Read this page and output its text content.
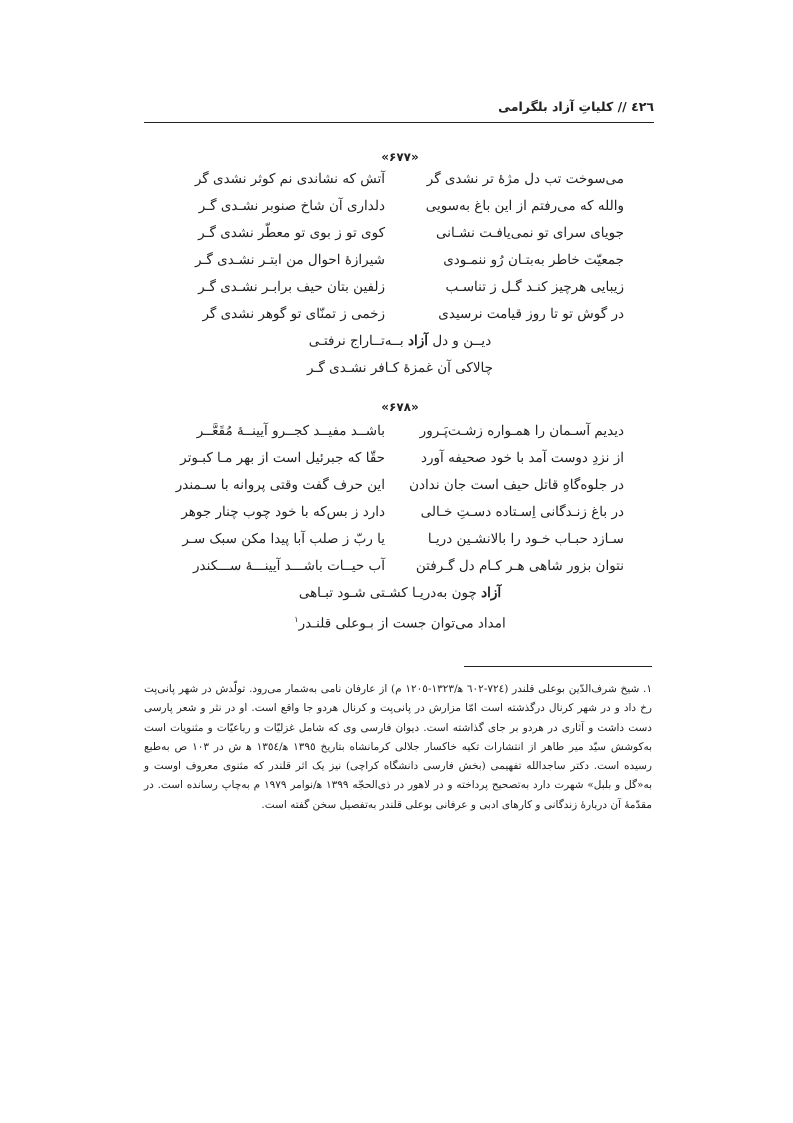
٤٢٦ // کلیاتِ آزاد بلگرامی
«۶۷۷»
می‌سوخت تب دل مژهٔ تر نشدی گر
آتش که نشاندی نم کوثر نشدی گر
والله که می‌رفتم از این باغ به‌سویی
دلداری آن شاخ صنوبر نشـدی گـر
جویای سرای تو نمی‌یافـت نشـانی
کوی تو ز بوی تو معطّر نشدی گـر
جمعیّت خاطر به‌بتـان رُو ننمـودی
شیرازهٔ احوال من ابتـر نشـدی گـر
زیبایی هرچیز کنـد گـل ز تناسـب
زلفین بتان حیف برابـر نشـدی گـر
در گوش تو تا روز قیامت نرسیدی
زخمی ز تمنّای تو گوهر نشدی گر
دیــن و دل آزاد بــه‌تــاراج نرفتـی
چالاکی آن غمزهٔ کـافر نشـدی گـر
«۶۷۸»
دیدیم آسـمان را همـواره زشـت‌پَـرور
باشــد مفیــد کجــرو آیینــهٔ مُقَعَّــر
از نزدِ دوست آمد با خود صحیفه آورد
حقّا که جبرئیل است از بهر مـا کبـوتر
در جلوه‌گاهِ قاتل حیف است جان ندادن
این حرف گفت وقتی پروانه با سـمندر
در باغ زنـدگانی اِسـتاده دسـتِ خـالی
دارد ز بس‌که با خود چوب چنار جوهر
سـازد حبـاب خـود را بالانشـین دریـا
یا ربّ ز صلب آبا پیدا مکن سبک سـر
نتوان بزور شاهی هـر کـام دل گـرفتن
آب حیــات باشـــد آیینـــهٔ ســـکندر
آزاد چون به‌دریـا کشـتی شـود تبـاهی
امداد می‌توان جست از بـوعلی قلنـدر$^١$
١. شیخ شرف‌الدّین بوعلی قلندر (٧٢٤-٦٠٢ ه‍/١٣٢٣-١٢٠٥ م) از عارفان نامی به‌شمار می‌رود. تولّدش در شهر پانی‌پت رخ داد و در شهر کرنال درگذشته است امّا مزارش در پانی‌پت و کرنال هردو جا واقع است. او در نثر و شعر پارسی دست داشت و آثاری در هردو بر جای گذاشته است. دیوان فارسی وی که شامل غزلیّات و رباعیّات و مثنویات است به‌کوشش سیّد میر طاهر از انتشارات تکیه خاکسار جلالی کرمانشاه بتاریخ ١٣٩٥ ه‍/١٣٥٤ ه‍ ش در ١٠٣ ص به‌طبع رسیده است. دکتر ساجدالله تفهیمی (بخش فارسی دانشگاه کراچی) نیز یک اثر قلندر که مثنوی معروف اوست و به«گل و بلبل» شهرت دارد به‌تصحیح پرداخته و در لاهور در ذی‌الحجّه ١٣٩٩ ه‍/نوامر ١٩٧٩ م به‌چاپ رسانده است. در مقدّمهٔ آن دربارهٔ زندگانی و کارهای ادبی و عرفانی بوعلی قلندر به‌تفصیل سخن گفته است.
